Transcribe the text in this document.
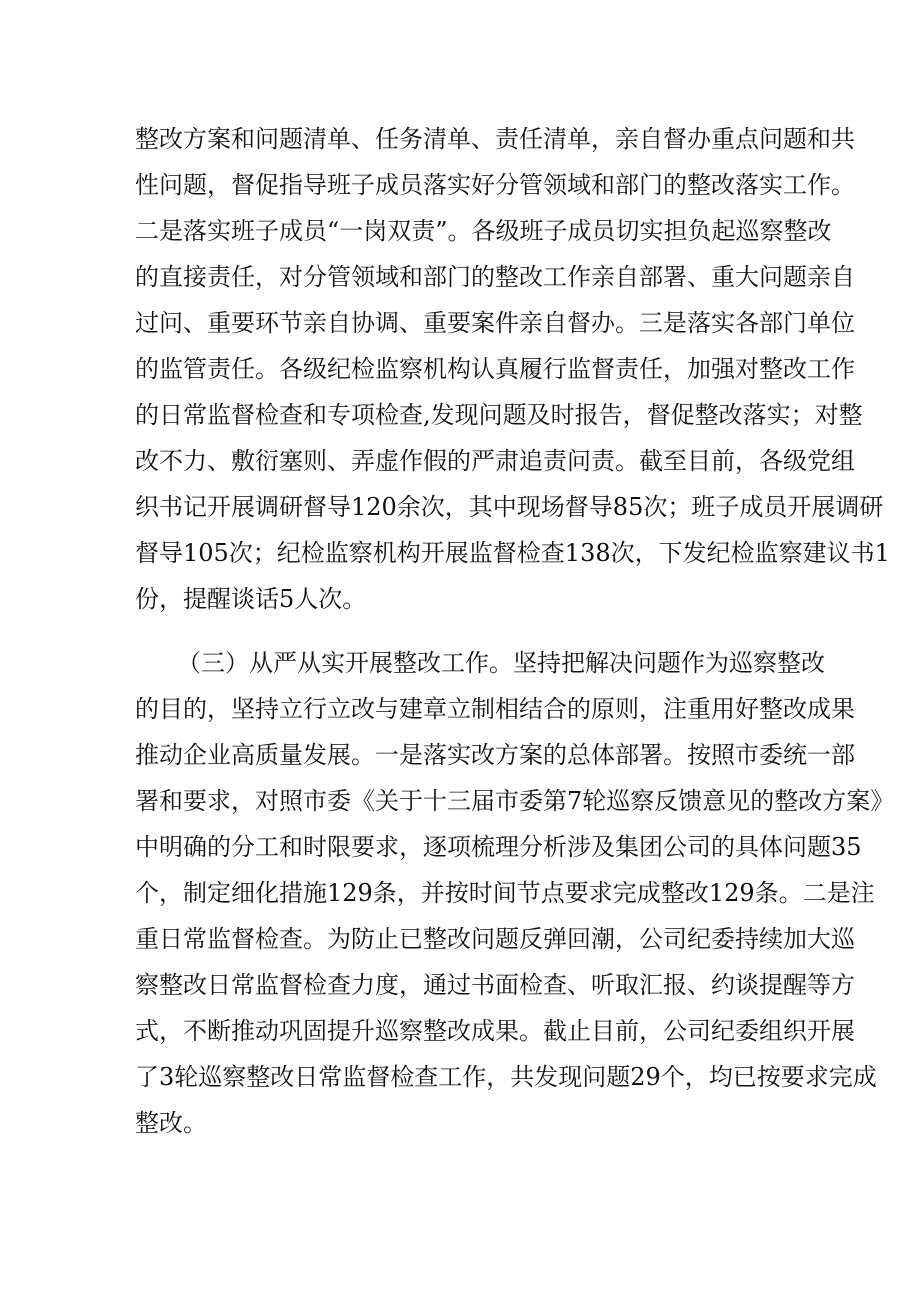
整改方案和问题清单、任务清单、责任清单，亲自督办重点问题和共
性问题，督促指导班子成员落实好分管领域和部门的整改落实工作。
二是落实班子成员“一岗双责”。各级班子成员切实担负起巡察整改
的直接责任，对分管领域和部门的整改工作亲自部署、重大问题亲自
过问、重要环节亲自协调、重要案件亲自督办。三是落实各部门单位
的监管责任。各级纪检监察机构认真履行监督责任，加强对整改工作
的日常监督检查和专项检查,发现问题及时报告，督促整改落实；对整
改不力、敷衍塞则、弄虚作假的严肃追责问责。截至目前，各级党组
织书记开展调研督导120余次，其中现场督导85次；班子成员开展调研
督导105次；纪检监察机构开展监督检查138次，下发纪检监察建议书1
份，提醒谈话5人次。
（三）从严从实开展整改工作。坚持把解决问题作为巡察整改
的目的，坚持立行立改与建章立制相结合的原则，注重用好整改成果
推动企业高质量发展。一是落实改方案的总体部署。按照市委统一部
署和要求，对照市委《关于十三届市委第7轮巡察反馈意见的整改方案》
中明确的分工和时限要求，逐项梳理分析涉及集团公司的具体问题35
个，制定细化措施129条，并按时间节点要求完成整改129条。二是注
重日常监督检查。为防止已整改问题反弹回潮，公司纪委持续加大巡
察整改日常监督检查力度，通过书面检查、听取汇报、约谈提醒等方
式，不断推动巩固提升巡察整改成果。截止目前，公司纪委组织开展
了3轮巡察整改日常监督检查工作，共发现问题29个，均已按要求完成
整改。
